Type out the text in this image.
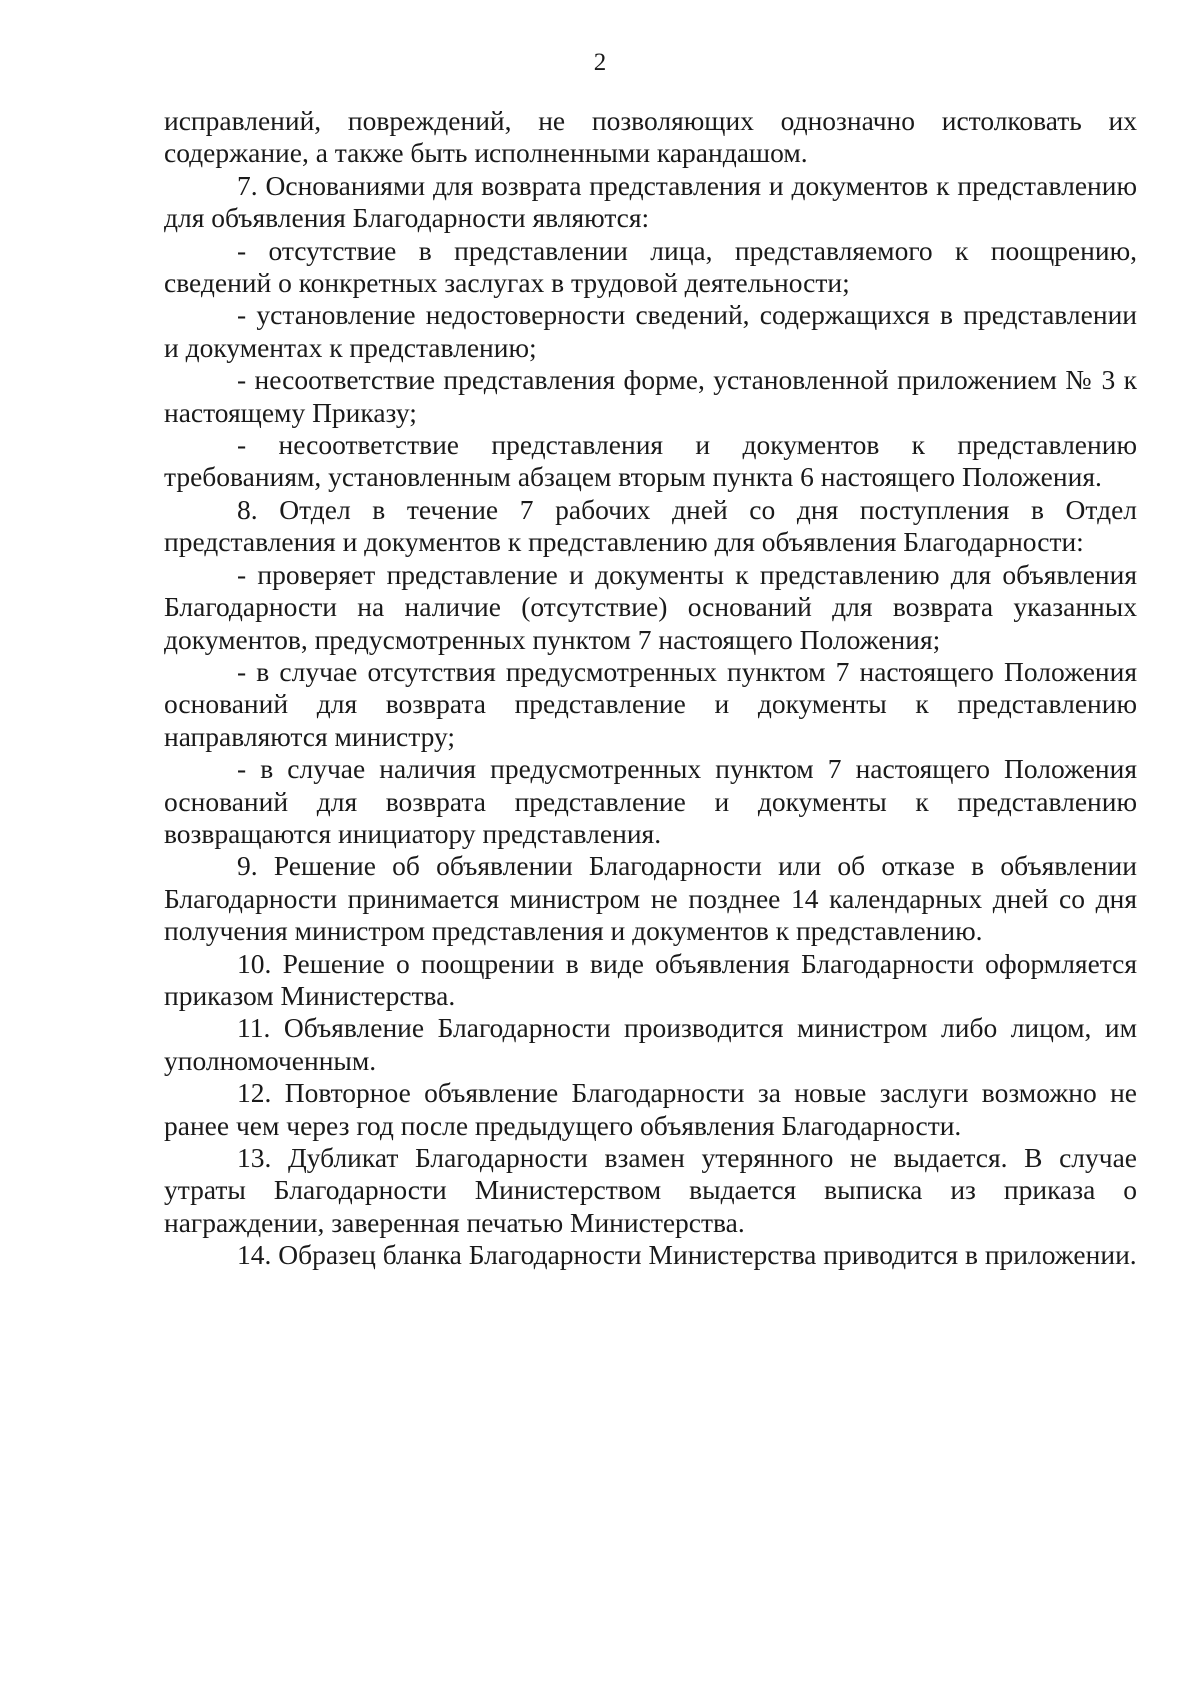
2

исправлений, повреждений, не позволяющих однозначно истолковать их содержание, а также быть исполненными карандашом.

7. Основаниями для возврата представления и документов к представлению для объявления Благодарности являются:

- отсутствие в представлении лица, представляемого к поощрению, сведений о конкретных заслугах в трудовой деятельности;

- установление недостоверности сведений, содержащихся в представлении и документах к представлению;

- несоответствие представления форме, установленной приложением № 3 к настоящему Приказу;

- несоответствие представления и документов к представлению требованиям, установленным абзацем вторым пункта 6 настоящего Положения.

8. Отдел в течение 7 рабочих дней со дня поступления в Отдел представления и документов к представлению для объявления Благодарности:

- проверяет представление и документы к представлению для объявления Благодарности на наличие (отсутствие) оснований для возврата указанных документов, предусмотренных пунктом 7 настоящего Положения;

- в случае отсутствия предусмотренных пунктом 7 настоящего Положения оснований для возврата представление и документы к представлению направляются министру;

- в случае наличия предусмотренных пунктом 7 настоящего Положения оснований для возврата представление и документы к представлению возвращаются инициатору представления.

9. Решение об объявлении Благодарности или об отказе в объявлении Благодарности принимается министром не позднее 14 календарных дней со дня получения министром представления и документов к представлению.

10. Решение о поощрении в виде объявления Благодарности оформляется приказом Министерства.

11. Объявление Благодарности производится министром либо лицом, им уполномоченным.

12. Повторное объявление Благодарности за новые заслуги возможно не ранее чем через год после предыдущего объявления Благодарности.

13. Дубликат Благодарности взамен утерянного не выдается. В случае утраты Благодарности Министерством выдается выписка из приказа о награждении, заверенная печатью Министерства.

14. Образец бланка Благодарности Министерства приводится в приложении.
